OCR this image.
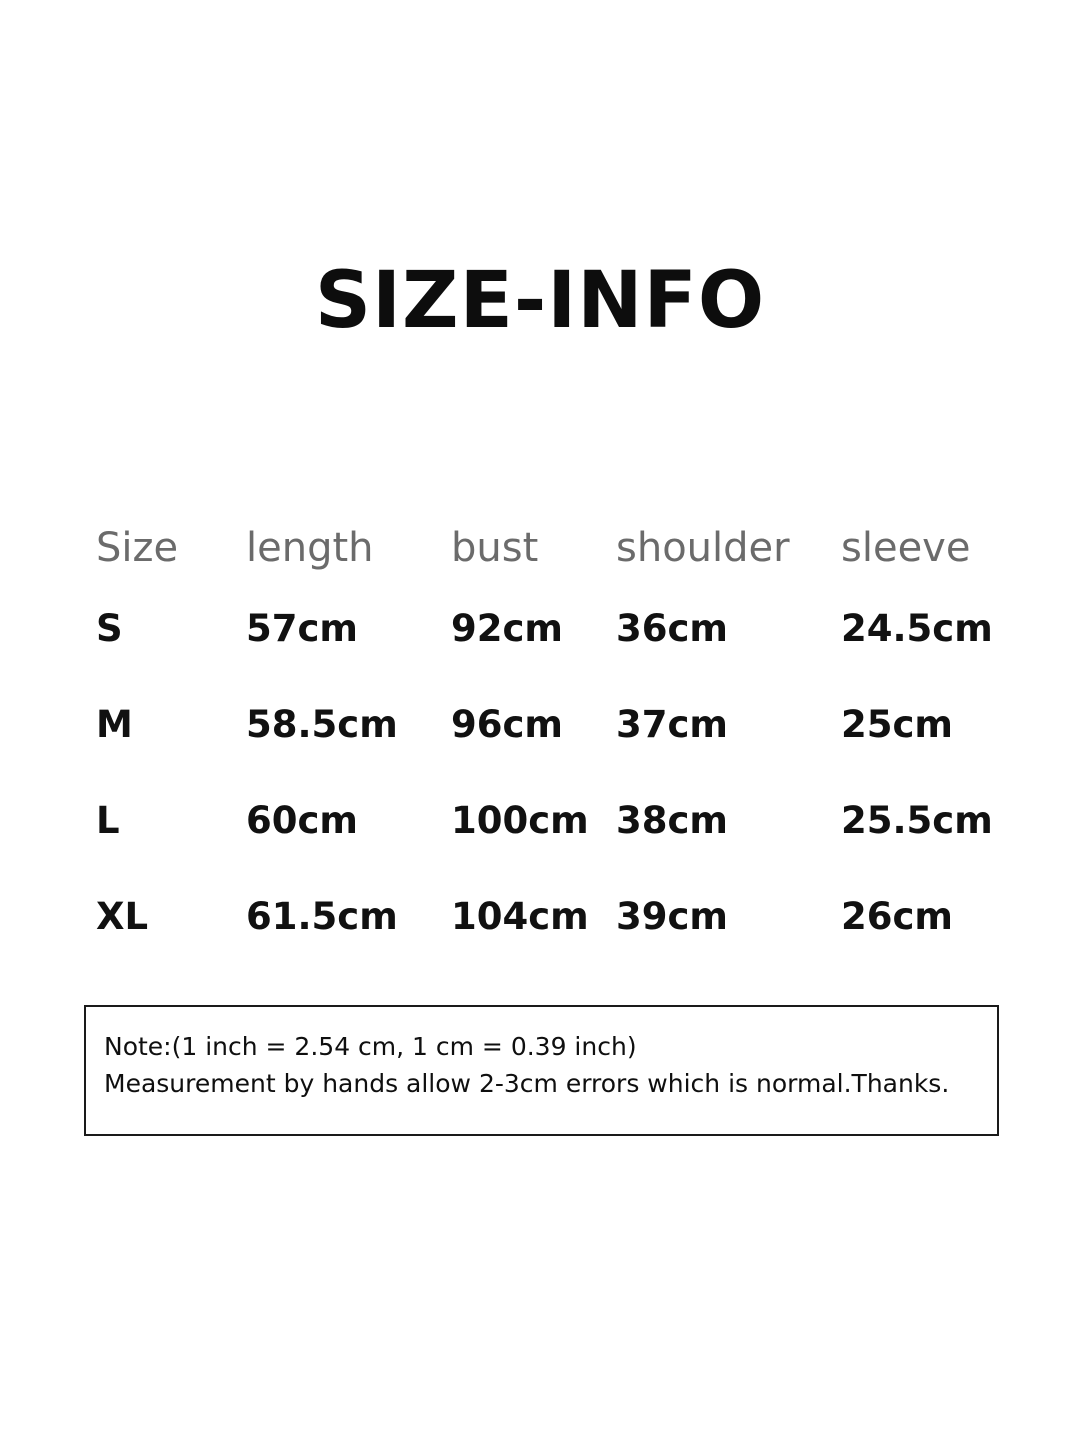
SIZE-INFO
Size	length	bust	shoulder	sleeve
S	57cm	92cm	36cm	24.5cm
M	58.5cm	96cm	37cm	25cm
L	60cm	100cm	38cm	25.5cm
XL	61.5cm	104cm	39cm	26cm
Note:(1 inch = 2.54 cm, 1 cm = 0.39 inch)
Measurement by hands allow 2-3cm errors which is normal.Thanks.
